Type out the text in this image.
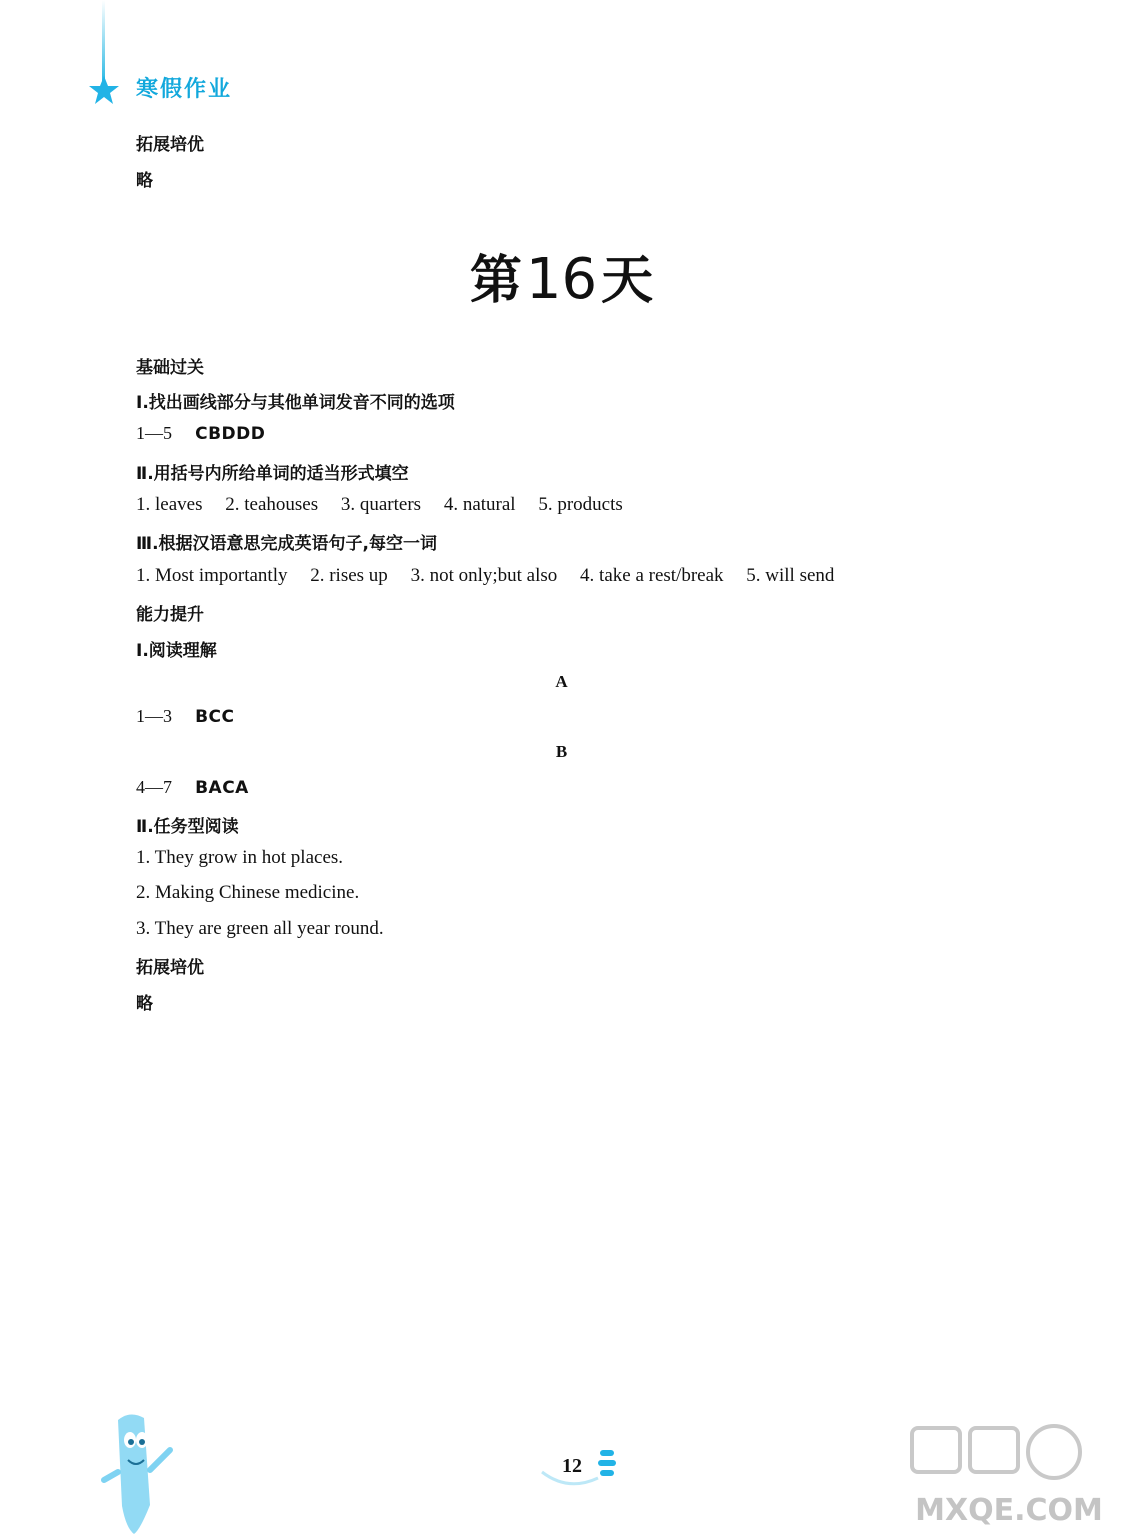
寒假作业
拓展培优
略
第16天
基础过关
Ⅰ.找出画线部分与其他单词发音不同的选项
1—5 CBDDD
Ⅱ.用括号内所给单词的适当形式填空
1. leaves 2. teahouses 3. quarters 4. natural 5. products
Ⅲ.根据汉语意思完成英语句子,每空一词
1. Most importantly 2. rises up 3. not only;but also 4. take a rest/break 5. will send
能力提升
Ⅰ.阅读理解
A
1—3 BCC
B
4—7 BACA
Ⅱ.任务型阅读
1. They grow in hot places.
2. Making Chinese medicine.
3. They are green all year round.
拓展培优
略
12
MXQE.COM
